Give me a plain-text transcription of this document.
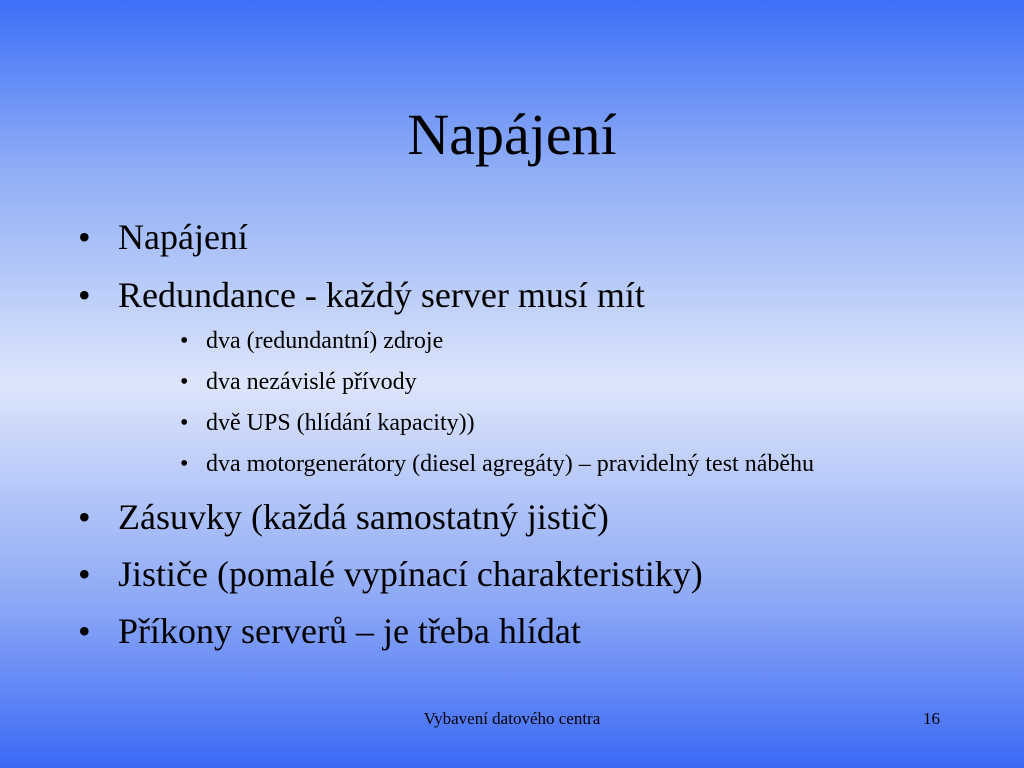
Napájení
• Napájení
• Redundance - každý server musí mít
• dva (redundantní) zdroje
• dva nezávislé přívody
• dvě UPS (hlídání kapacity))
• dva motorgenerátory (diesel agregáty) – pravidelný test náběhu
• Zásuvky (každá samostatný jistič)
• Jističe (pomalé vypínací charakteristiky)
• Příkony serverů – je třeba hlídat
Vybavení datového centra	16
